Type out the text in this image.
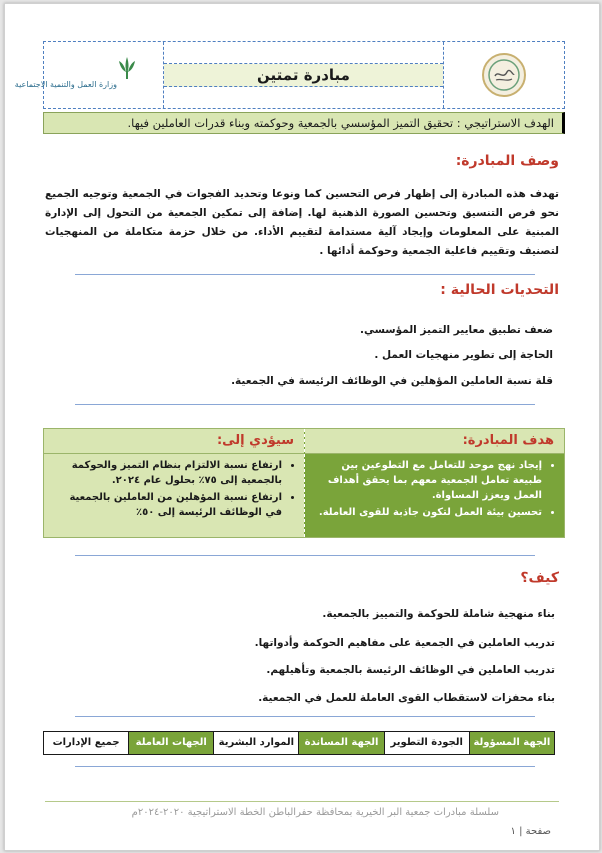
وزارة العمل والتنمية الاجتماعية
مبادرة تمتين
الهدف الاستراتيجي : تحقيق التميز المؤسسي بالجمعية وحوكمته وبناء قدرات العاملين فيها.
وصف المبادرة:
تهدف هذه المبادرة إلى إظهار فرص التحسين كما ونوعا وتحديد الفجوات في الجمعية وتوجيه الجميع نحو فرص التنسيق وتحسين الصورة الذهنية لها. إضافة إلى تمكين الجمعية من التحول إلى الإدارة المبنية على المعلومات وإيجاد آلية مستدامة لتقييم الأداء. من خلال حزمة متكاملة من المنهجيات لتصنيف وتقييم فاعلية الجمعية وحوكمة أدائها .
التحديات الحالية :
ضعف تطبيق معايير التميز المؤسسي.
الحاجة إلى تطوير منهجيات العمل .
قلة نسبة العاملين المؤهلين في الوظائف الرئيسة في الجمعية.
هدف المبادرة:
• إيجاد نهج موحد للتعامل مع التطوعين بين طبيعة تعامل الجمعية معهم بما يحقق أهداف العمل ويعزز المساواة.
• تحسين بيئة العمل لتكون جاذبة للقوى العاملة.
سيؤدي إلى:
• ارتفاع نسبة الالتزام بنظام التميز والحوكمة بالجمعية إلى ٧٥٪ بحلول عام ٢٠٢٤.
• ارتفاع نسبة المؤهلين من العاملين بالجمعية في الوظائف الرئيسة إلى ٥٠٪
كيف؟
بناء منهجية شاملة للحوكمة والتمييز بالجمعية.
تدريب العاملين في الجمعية على مفاهيم الحوكمة وأدواتها.
تدريب العاملين في الوظائف الرئيسة بالجمعية وتأهيلهم.
بناء محفزات لاستقطاب القوى العاملة للعمل في الجمعية.
الجهة المسؤولة
الجودة التطوير
الجهة المساندة
الموارد البشرية
الجهات العاملة
جميع الإدارات
سلسلة مبادرات جمعية البر الخيرية بمحافظة حفرالباطن الخطة الاستراتيجية ٢٠٢٠-٢٠٢٤م
صفحة | ١
